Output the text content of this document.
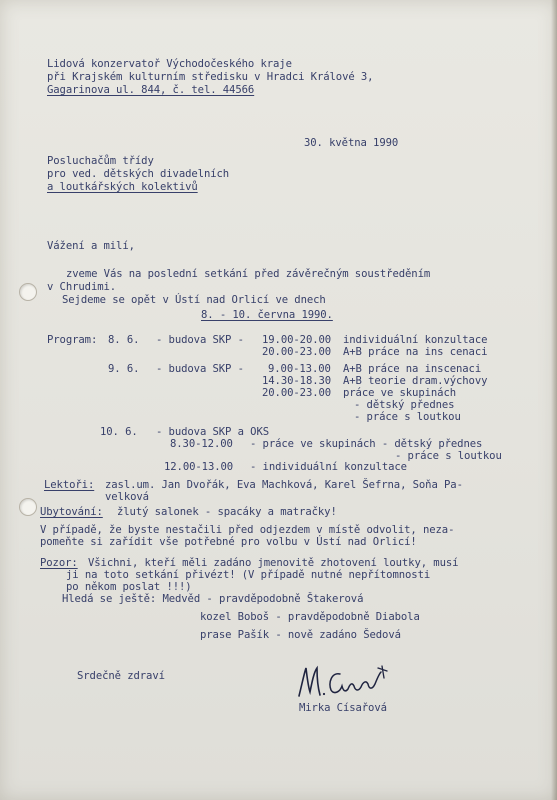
Lidová konzervatoř Východočeského kraje

při Krajském kulturním středisku v Hradci Králové 3,

Gagarinova ul. 844, č. tel. 44566

30. května 1990

Posluchačům třídy

pro ved. dětských divadelních

a loutkářských kolektivů

Vážení a milí,

zveme Vás na poslední setkání před závěrečným soustředěním

v Chrudimi.

Sejdeme se opět v Ústí nad Orlicí ve dnech

8. - 10. června 1990.

Program: 8. 6. - budova SKP - 19.00-20.00 individuální konzultace

20.00-23.00 A+B práce na ins cenaci

9. 6. - budova SKP - 9.00-13.00 A+B práce na inscenaci

14.30-18.30 A+B teorie dram.výchovy

20.00-23.00 práce ve skupinách

- dětský přednes

- práce s loutkou

10. 6. - budova SKP a OKS

8.30-12.00 - práce ve skupinách - dětský přednes

- práce s loutkou

12.00-13.00 - individuální konzultace

Lektoři: zasl.um. Jan Dvořák, Eva Machková, Karel Šefrna, Soňa Pa-

velková

Ubytování: žlutý salonek - spacáky a matračky!

V případě, že byste nestačili před odjezdem v místě odvolit, neza-

pomeňte si zařídit vše potřebné pro volbu v Ústí nad Orlicí!

Pozor: Všichni, kteří měli zadáno jmenovitě zhotovení loutky, musí

ji na toto setkání přivézt! (V případě nutné nepřítomnosti

po někom poslat !!!)

Hledá se ještě: Medvěd - pravděpodobně Štakerová

kozel Boboš - pravděpodobně Diabola

prase Pašík - nově zadáno Šedová

Srdečně zdraví

Mirka Císařová
